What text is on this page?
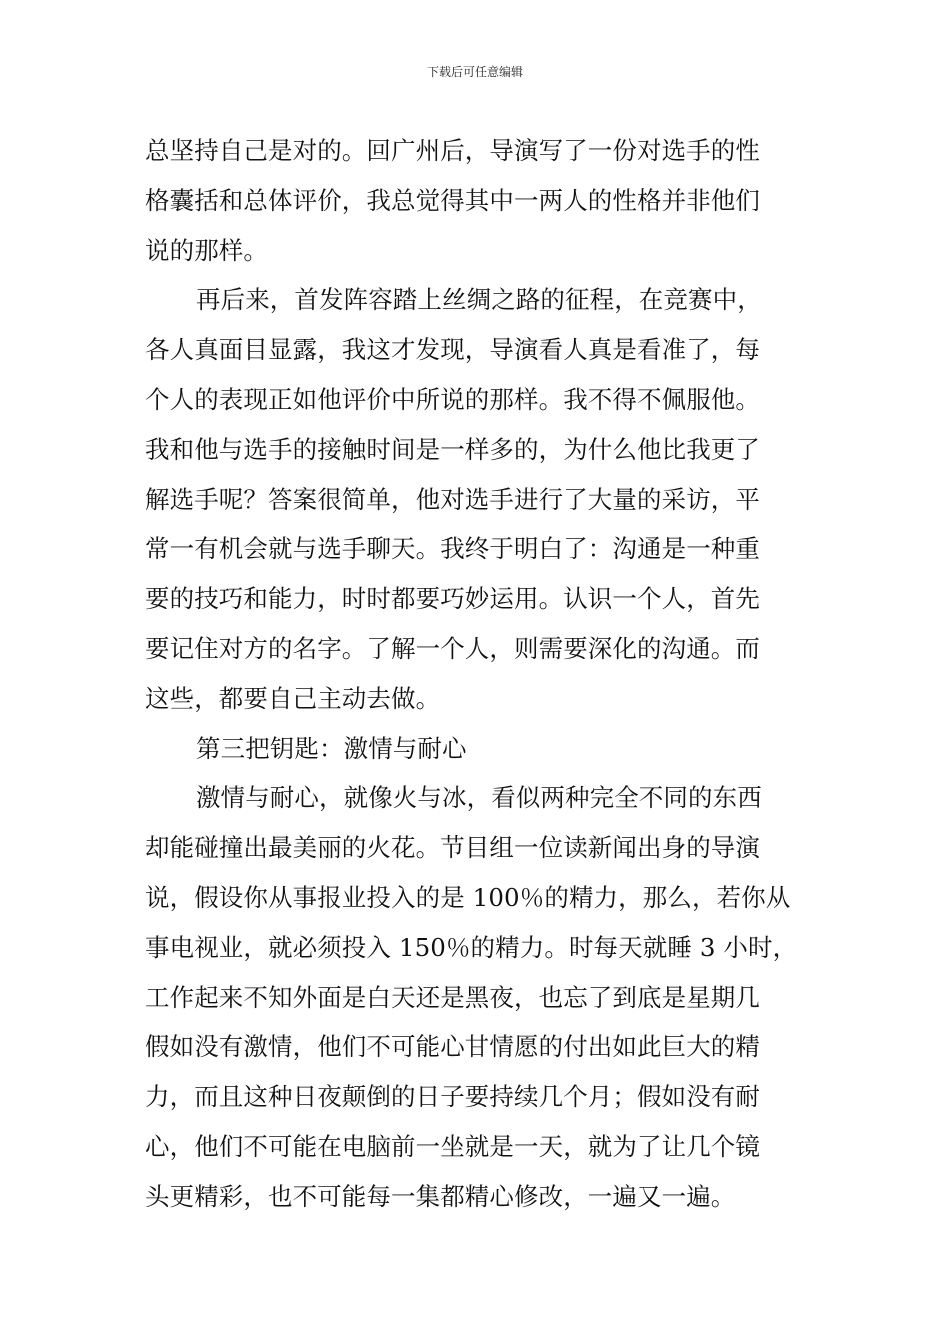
下载后可任意编辑
总坚持自己是对的。回广州后，导演写了一份对选手的性
格囊括和总体评价，我总觉得其中一两人的性格并非他们
说的那样。
再后来，首发阵容踏上丝绸之路的征程，在竞赛中，
各人真面目显露，我这才发现，导演看人真是看准了，每
个人的表现正如他评价中所说的那样。我不得不佩服他。
我和他与选手的接触时间是一样多的，为什么他比我更了
解选手呢？答案很简单，他对选手进行了大量的采访，平
常一有机会就与选手聊天。我终于明白了：沟通是一种重
要的技巧和能力，时时都要巧妙运用。认识一个人，首先
要记住对方的名字。了解一个人，则需要深化的沟通。而
这些，都要自己主动去做。
第三把钥匙：激情与耐心
激情与耐心，就像火与冰，看似两种完全不同的东西
却能碰撞出最美丽的火花。节目组一位读新闻出身的导演
说，假设你从事报业投入的是 100％的精力，那么，若你从
事电视业，就必须投入 150％的精力。时每天就睡 3 小时，
工作起来不知外面是白天还是黑夜，也忘了到底是星期几
假如没有激情，他们不可能心甘情愿的付出如此巨大的精
力，而且这种日夜颠倒的日子要持续几个月；假如没有耐
心，他们不可能在电脑前一坐就是一天，就为了让几个镜
头更精彩，也不可能每一集都精心修改，一遍又一遍。
